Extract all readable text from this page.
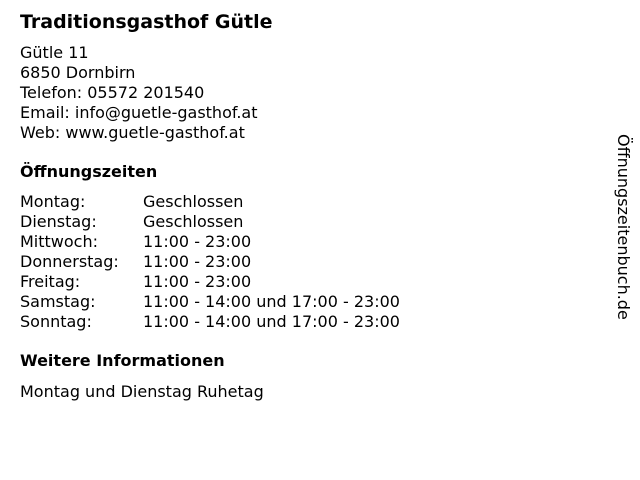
Traditionsgasthof Gütle
Gütle 11
6850 Dornbirn
Telefon: 05572 201540
Email: info@guetle-gasthof.at
Web: www.guetle-gasthof.at
Öffnungszeiten
Montag:	Geschlossen
Dienstag:	Geschlossen
Mittwoch:	11:00 - 23:00
Donnerstag:	11:00 - 23:00
Freitag:	11:00 - 23:00
Samstag:	11:00 - 14:00 und 17:00 - 23:00
Sonntag:	11:00 - 14:00 und 17:00 - 23:00
Weitere Informationen
Montag und Dienstag Ruhetag
Öffnungszeitenbuch.de
